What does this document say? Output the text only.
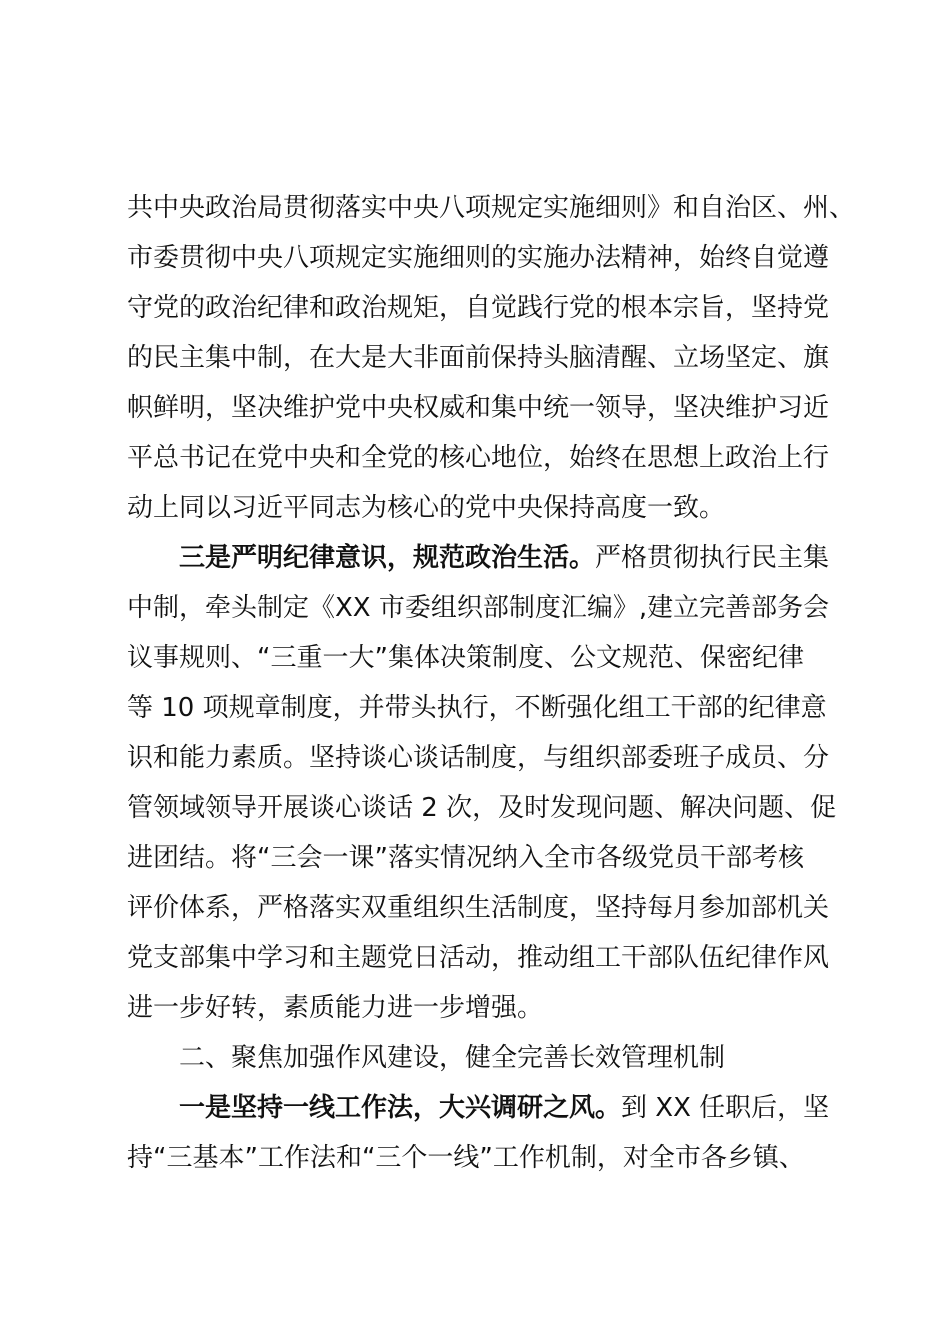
共中央政治局贯彻落实中央八项规定实施细则》和自治区、州、
市委贯彻中央八项规定实施细则的实施办法精神，始终自觉遵
守党的政治纪律和政治规矩，自觉践行党的根本宗旨，坚持党
的民主集中制，在大是大非面前保持头脑清醒、立场坚定、旗
帜鲜明，坚决维护党中央权威和集中统一领导，坚决维护习近
平总书记在党中央和全党的核心地位，始终在思想上政治上行
动上同以习近平同志为核心的党中央保持高度一致。
三是严明纪律意识，规范政治生活。严格贯彻执行民主集
中制，牵头制定《XX 市委组织部制度汇编》,建立完善部务会
议事规则、“三重一大”集体决策制度、公文规范、保密纪律
等 10 项规章制度，并带头执行，不断强化组工干部的纪律意
识和能力素质。坚持谈心谈话制度，与组织部委班子成员、分
管领域领导开展谈心谈话 2 次，及时发现问题、解决问题、促
进团结。将“三会一课”落实情况纳入全市各级党员干部考核
评价体系，严格落实双重组织生活制度，坚持每月参加部机关
党支部集中学习和主题党日活动，推动组工干部队伍纪律作风
进一步好转，素质能力进一步增强。
二、聚焦加强作风建设，健全完善长效管理机制
一是坚持一线工作法，大兴调研之风。到 XX 任职后，坚
持“三基本”工作法和“三个一线”工作机制，对全市各乡镇、
